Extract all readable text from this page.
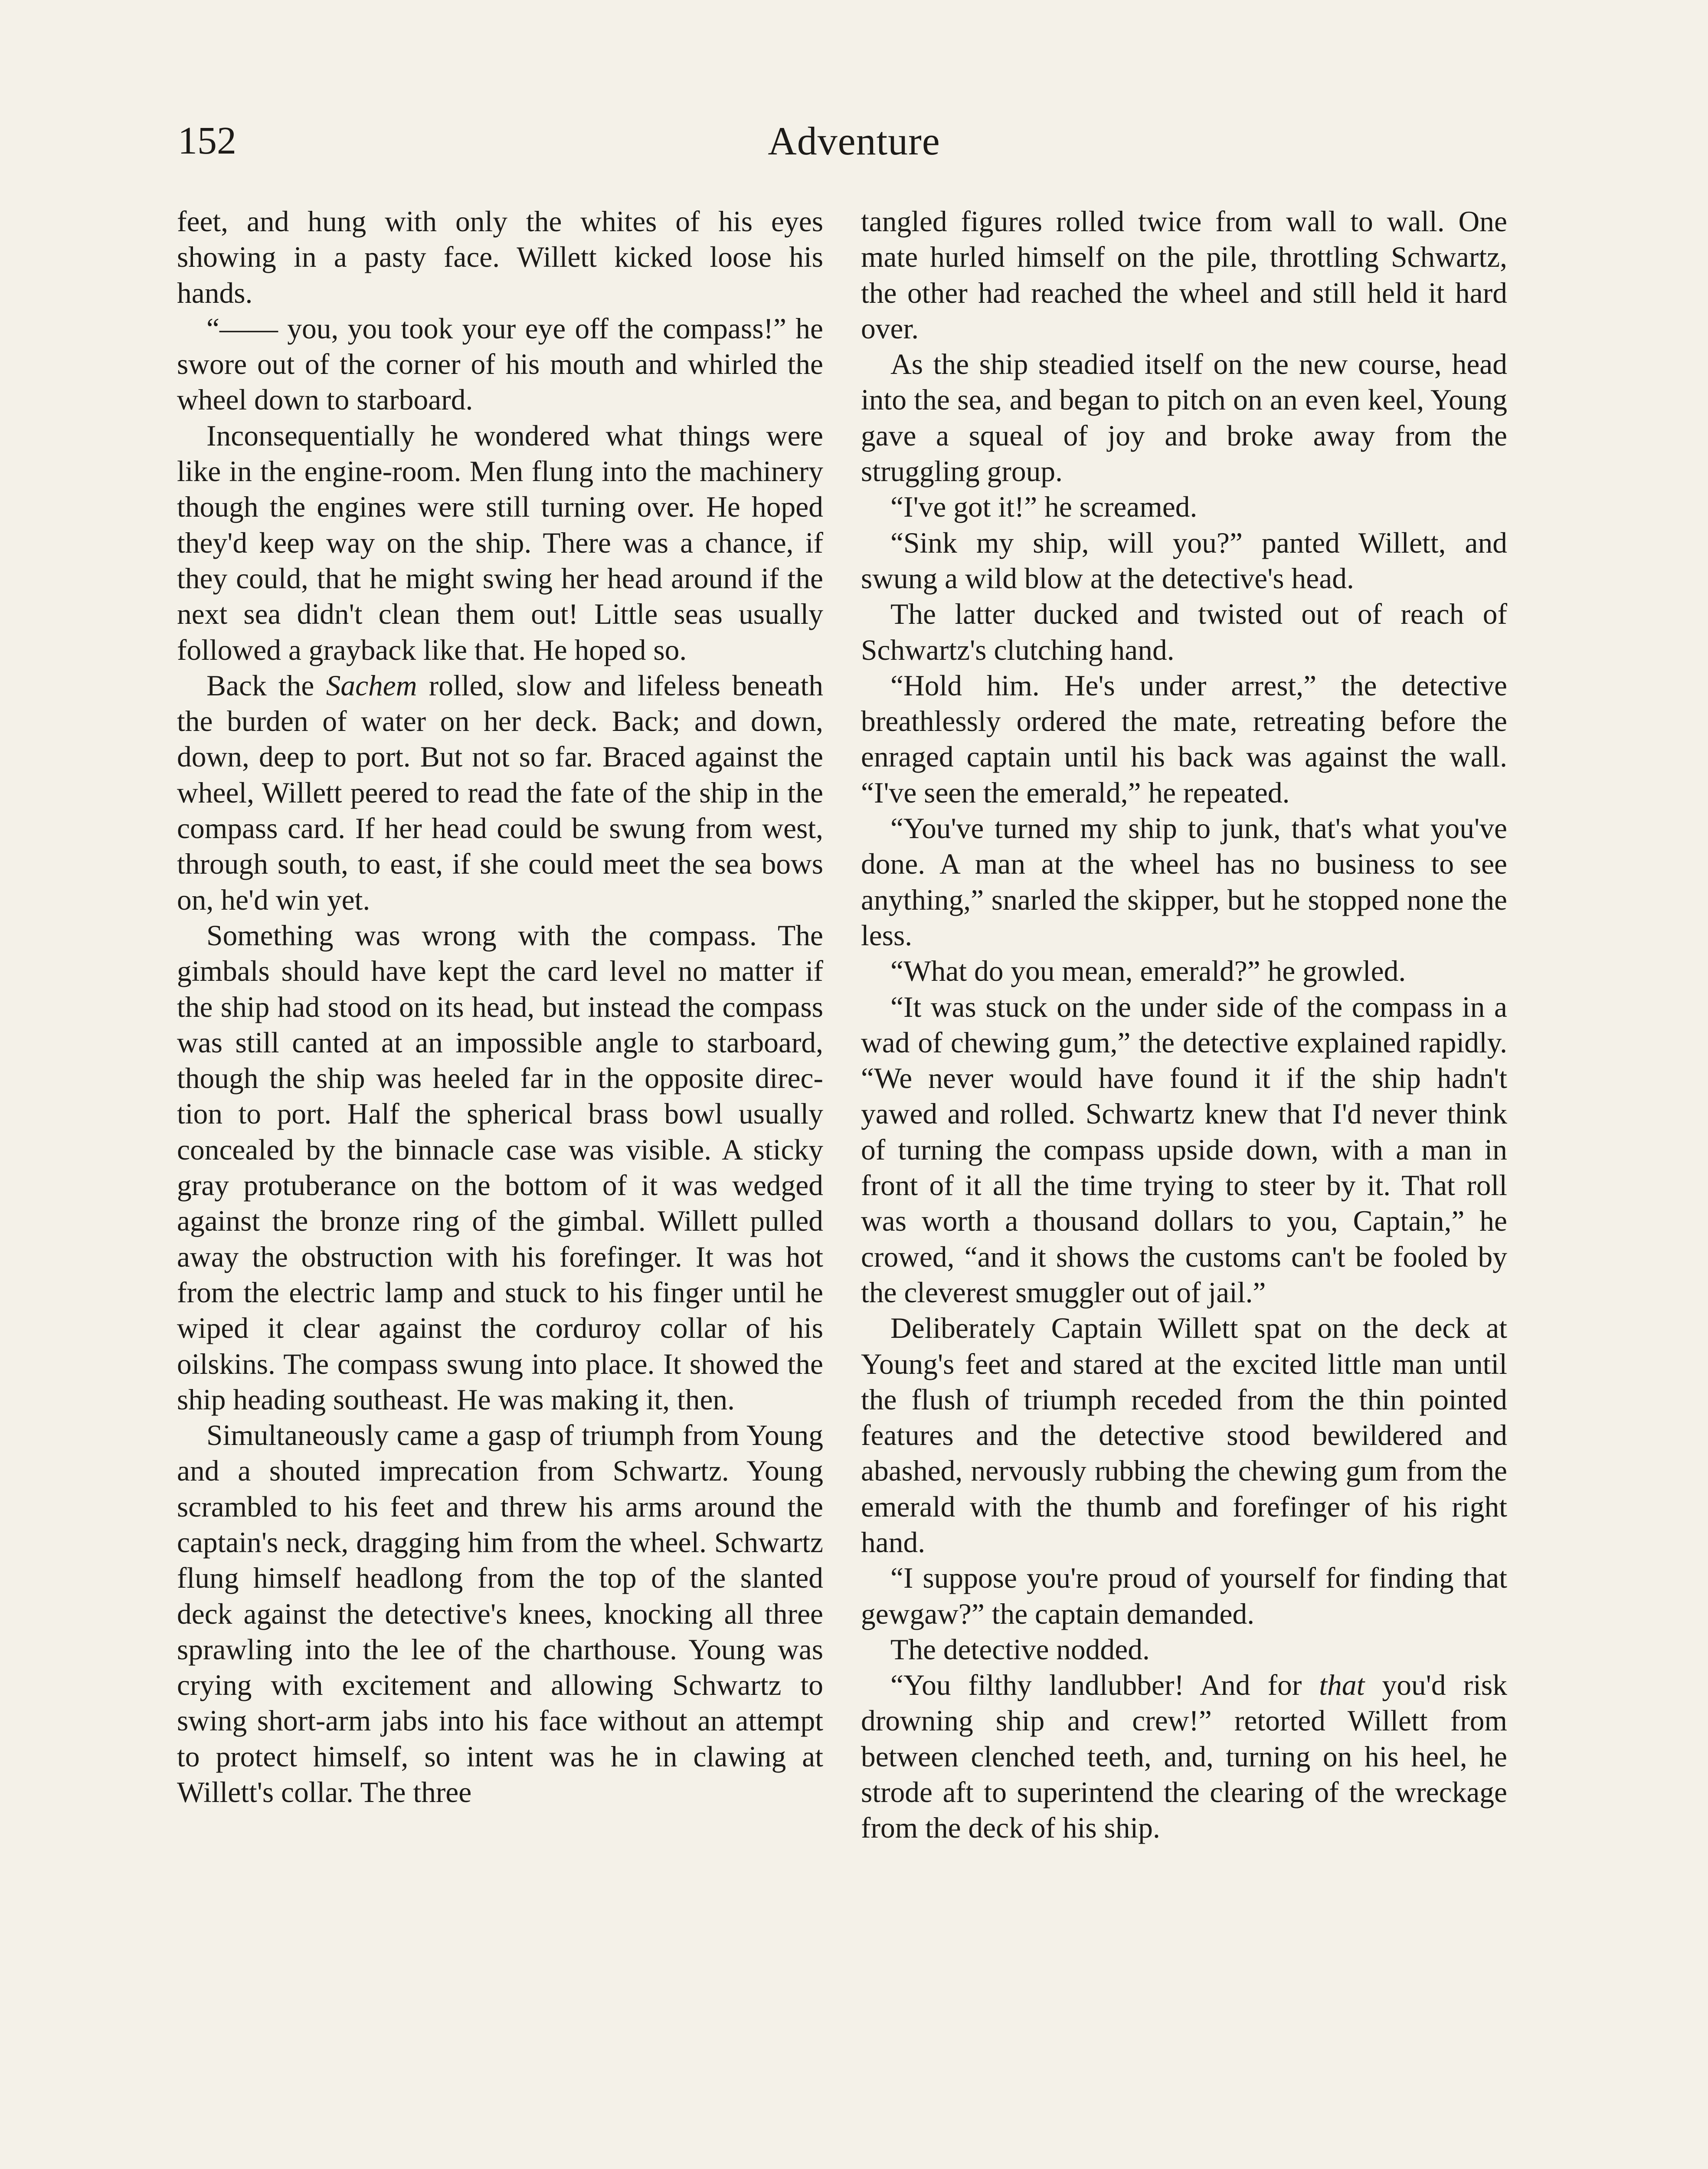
152	Adventure

feet, and hung with only the whites of his eyes showing in a pasty face. Willett kicked loose his hands.

“—— you, you took your eye off the compass!” he swore out of the corner of his mouth and whirled the wheel down to starboard.

Inconsequentially he wondered what things were like in the engine-room. Men flung into the machinery though the engines were still turning over. He hoped they'd keep way on the ship. There was a chance, if they could, that he might swing her head around if the next sea didn't clean them out! Little seas usually followed a grayback like that. He hoped so.

Back the Sachem rolled, slow and lifeless beneath the burden of water on her deck. Back; and down, down, deep to port. But not so far. Braced against the wheel, Willett peered to read the fate of the ship in the compass card. If her head could be swung from west, through south, to east, if she could meet the sea bows on, he'd win yet.

Something was wrong with the compass. The gimbals should have kept the card level no matter if the ship had stood on its head, but instead the compass was still canted at an impossible angle to starboard, though the ship was heeled far in the opposite direction to port. Half the spherical brass bowl usually concealed by the binnacle case was visible. A sticky gray protuberance on the bottom of it was wedged against the bronze ring of the gimbal. Willett pulled away the obstruction with his forefinger. It was hot from the electric lamp and stuck to his finger until he wiped it clear against the corduroy collar of his oilskins. The compass swung into place. It showed the ship heading southeast. He was making it, then.

Simultaneously came a gasp of triumph from Young and a shouted imprecation from Schwartz. Young scrambled to his feet and threw his arms around the captain's neck, dragging him from the wheel. Schwartz flung himself headlong from the top of the slanted deck against the detective's knees, knocking all three sprawling into the lee of the charthouse. Young was crying with excitement and allowing Schwartz to swing short-arm jabs into his face without an attempt to protect himself, so intent was he in clawing at Willett's collar. The three

tangled figures rolled twice from wall to wall. One mate hurled himself on the pile, throttling Schwartz, the other had reached the wheel and still held it hard over.

As the ship steadied itself on the new course, head into the sea, and began to pitch on an even keel, Young gave a squeal of joy and broke away from the struggling group.

“I've got it!” he screamed.

“Sink my ship, will you?” panted Willett, and swung a wild blow at the detective's head.

The latter ducked and twisted out of reach of Schwartz's clutching hand.

“Hold him. He's under arrest,” the detective breathlessly ordered the mate, retreating before the enraged captain until his back was against the wall. “I've seen the emerald,” he repeated.

“You've turned my ship to junk, that's what you've done. A man at the wheel has no business to see anything,” snarled the skipper, but he stopped none the less.

“What do you mean, emerald?” he growled.

“It was stuck on the under side of the compass in a wad of chewing gum,” the detective explained rapidly. “We never would have found it if the ship hadn't yawed and rolled. Schwartz knew that I'd never think of turning the compass upside down, with a man in front of it all the time trying to steer by it. That roll was worth a thousand dollars to you, Captain,” he crowed, “and it shows the customs can't be fooled by the cleverest smuggler out of jail.”

Deliberately Captain Willett spat on the deck at Young's feet and stared at the excited little man until the flush of triumph receded from the thin pointed features and the detective stood bewildered and abashed, nervously rubbing the chewing gum from the emerald with the thumb and forefinger of his right hand.

“I suppose you're proud of yourself for finding that gewgaw?” the captain demanded.

The detective nodded.

“You filthy landlubber! And for that you'd risk drowning ship and crew!” retorted Willett from between clenched teeth, and, turning on his heel, he strode aft to superintend the clearing of the wreckage from the deck of his ship.
